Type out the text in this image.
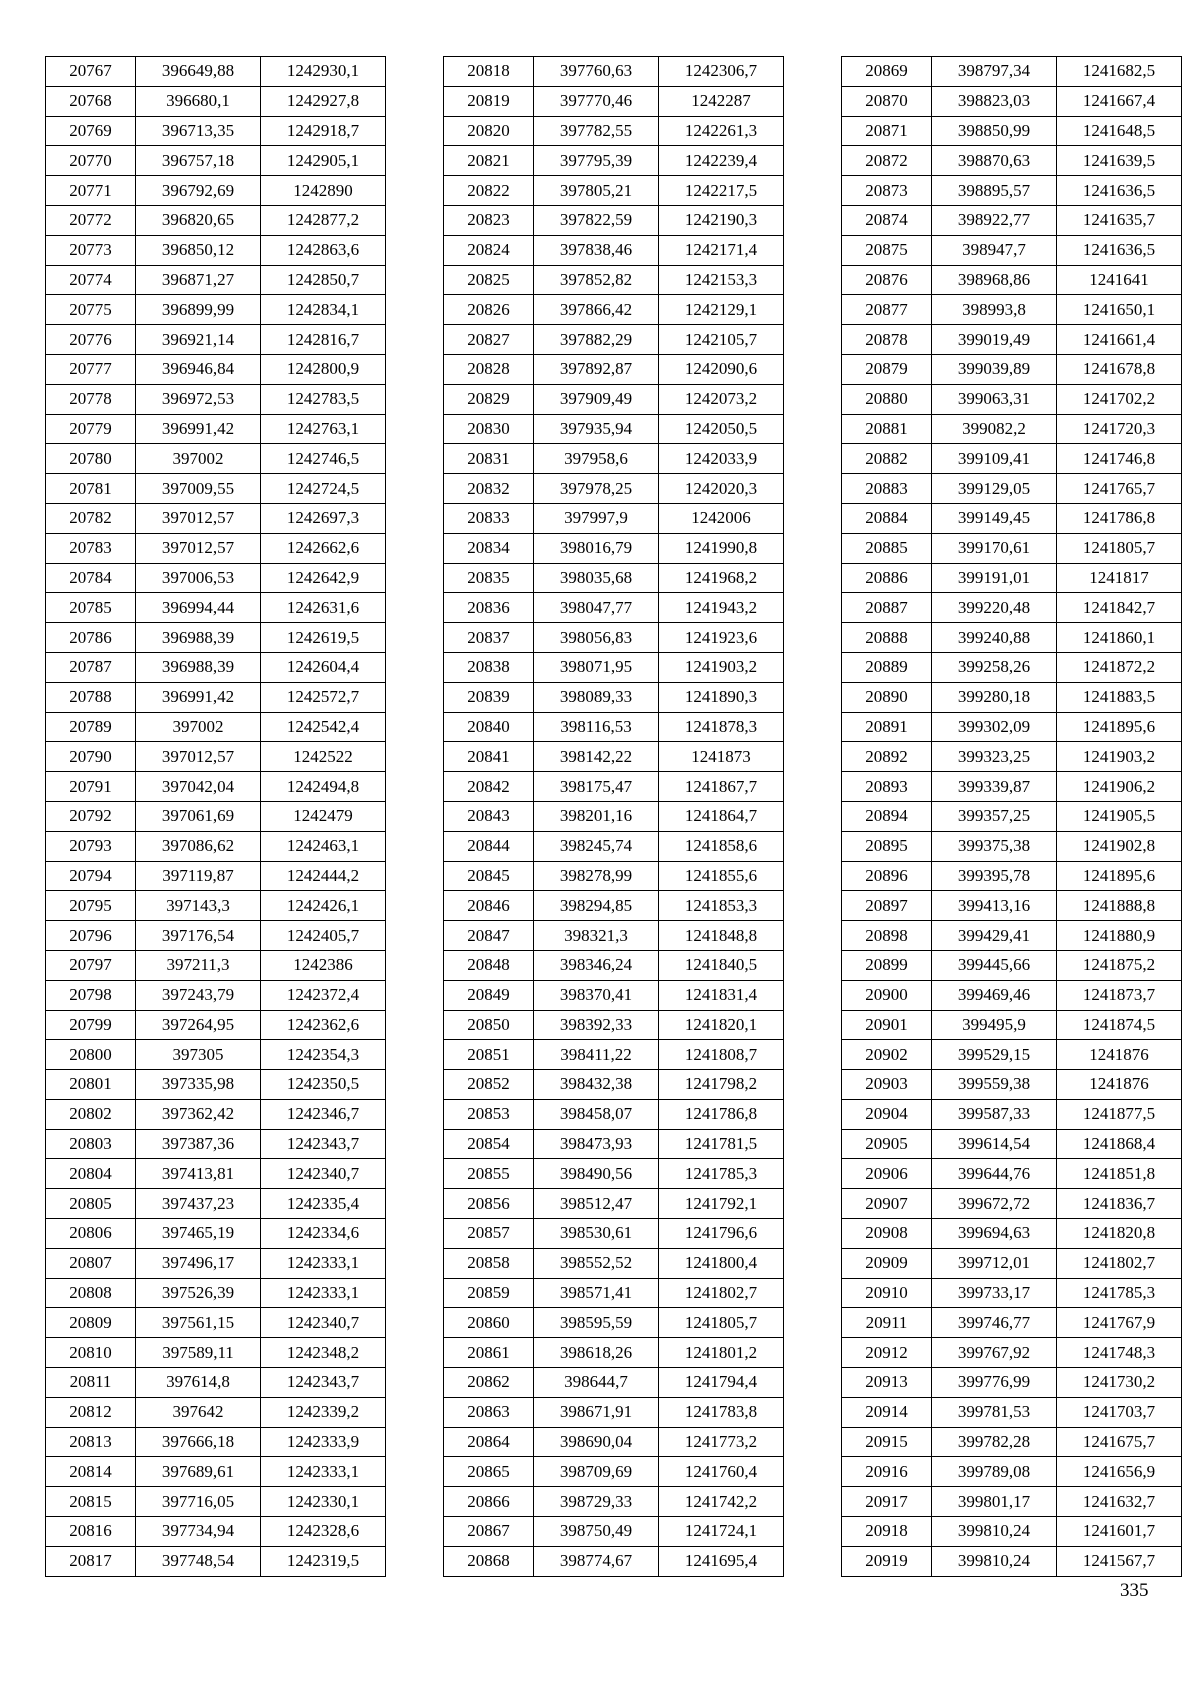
20767	396649,88	1242930,1
20768	396680,1	1242927,8
20769	396713,35	1242918,7
20770	396757,18	1242905,1
20771	396792,69	1242890
20772	396820,65	1242877,2
20773	396850,12	1242863,6
20774	396871,27	1242850,7
20775	396899,99	1242834,1
20776	396921,14	1242816,7
20777	396946,84	1242800,9
20778	396972,53	1242783,5
20779	396991,42	1242763,1
20780	397002	1242746,5
20781	397009,55	1242724,5
20782	397012,57	1242697,3
20783	397012,57	1242662,6
20784	397006,53	1242642,9
20785	396994,44	1242631,6
20786	396988,39	1242619,5
20787	396988,39	1242604,4
20788	396991,42	1242572,7
20789	397002	1242542,4
20790	397012,57	1242522
20791	397042,04	1242494,8
20792	397061,69	1242479
20793	397086,62	1242463,1
20794	397119,87	1242444,2
20795	397143,3	1242426,1
20796	397176,54	1242405,7
20797	397211,3	1242386
20798	397243,79	1242372,4
20799	397264,95	1242362,6
20800	397305	1242354,3
20801	397335,98	1242350,5
20802	397362,42	1242346,7
20803	397387,36	1242343,7
20804	397413,81	1242340,7
20805	397437,23	1242335,4
20806	397465,19	1242334,6
20807	397496,17	1242333,1
20808	397526,39	1242333,1
20809	397561,15	1242340,7
20810	397589,11	1242348,2
20811	397614,8	1242343,7
20812	397642	1242339,2
20813	397666,18	1242333,9
20814	397689,61	1242333,1
20815	397716,05	1242330,1
20816	397734,94	1242328,6
20817	397748,54	1242319,5
20818	397760,63	1242306,7
20819	397770,46	1242287
20820	397782,55	1242261,3
20821	397795,39	1242239,4
20822	397805,21	1242217,5
20823	397822,59	1242190,3
20824	397838,46	1242171,4
20825	397852,82	1242153,3
20826	397866,42	1242129,1
20827	397882,29	1242105,7
20828	397892,87	1242090,6
20829	397909,49	1242073,2
20830	397935,94	1242050,5
20831	397958,6	1242033,9
20832	397978,25	1242020,3
20833	397997,9	1242006
20834	398016,79	1241990,8
20835	398035,68	1241968,2
20836	398047,77	1241943,2
20837	398056,83	1241923,6
20838	398071,95	1241903,2
20839	398089,33	1241890,3
20840	398116,53	1241878,3
20841	398142,22	1241873
20842	398175,47	1241867,7
20843	398201,16	1241864,7
20844	398245,74	1241858,6
20845	398278,99	1241855,6
20846	398294,85	1241853,3
20847	398321,3	1241848,8
20848	398346,24	1241840,5
20849	398370,41	1241831,4
20850	398392,33	1241820,1
20851	398411,22	1241808,7
20852	398432,38	1241798,2
20853	398458,07	1241786,8
20854	398473,93	1241781,5
20855	398490,56	1241785,3
20856	398512,47	1241792,1
20857	398530,61	1241796,6
20858	398552,52	1241800,4
20859	398571,41	1241802,7
20860	398595,59	1241805,7
20861	398618,26	1241801,2
20862	398644,7	1241794,4
20863	398671,91	1241783,8
20864	398690,04	1241773,2
20865	398709,69	1241760,4
20866	398729,33	1241742,2
20867	398750,49	1241724,1
20868	398774,67	1241695,4
20869	398797,34	1241682,5
20870	398823,03	1241667,4
20871	398850,99	1241648,5
20872	398870,63	1241639,5
20873	398895,57	1241636,5
20874	398922,77	1241635,7
20875	398947,7	1241636,5
20876	398968,86	1241641
20877	398993,8	1241650,1
20878	399019,49	1241661,4
20879	399039,89	1241678,8
20880	399063,31	1241702,2
20881	399082,2	1241720,3
20882	399109,41	1241746,8
20883	399129,05	1241765,7
20884	399149,45	1241786,8
20885	399170,61	1241805,7
20886	399191,01	1241817
20887	399220,48	1241842,7
20888	399240,88	1241860,1
20889	399258,26	1241872,2
20890	399280,18	1241883,5
20891	399302,09	1241895,6
20892	399323,25	1241903,2
20893	399339,87	1241906,2
20894	399357,25	1241905,5
20895	399375,38	1241902,8
20896	399395,78	1241895,6
20897	399413,16	1241888,8
20898	399429,41	1241880,9
20899	399445,66	1241875,2
20900	399469,46	1241873,7
20901	399495,9	1241874,5
20902	399529,15	1241876
20903	399559,38	1241876
20904	399587,33	1241877,5
20905	399614,54	1241868,4
20906	399644,76	1241851,8
20907	399672,72	1241836,7
20908	399694,63	1241820,8
20909	399712,01	1241802,7
20910	399733,17	1241785,3
20911	399746,77	1241767,9
20912	399767,92	1241748,3
20913	399776,99	1241730,2
20914	399781,53	1241703,7
20915	399782,28	1241675,7
20916	399789,08	1241656,9
20917	399801,17	1241632,7
20918	399810,24	1241601,7
20919	399810,24	1241567,7
335
